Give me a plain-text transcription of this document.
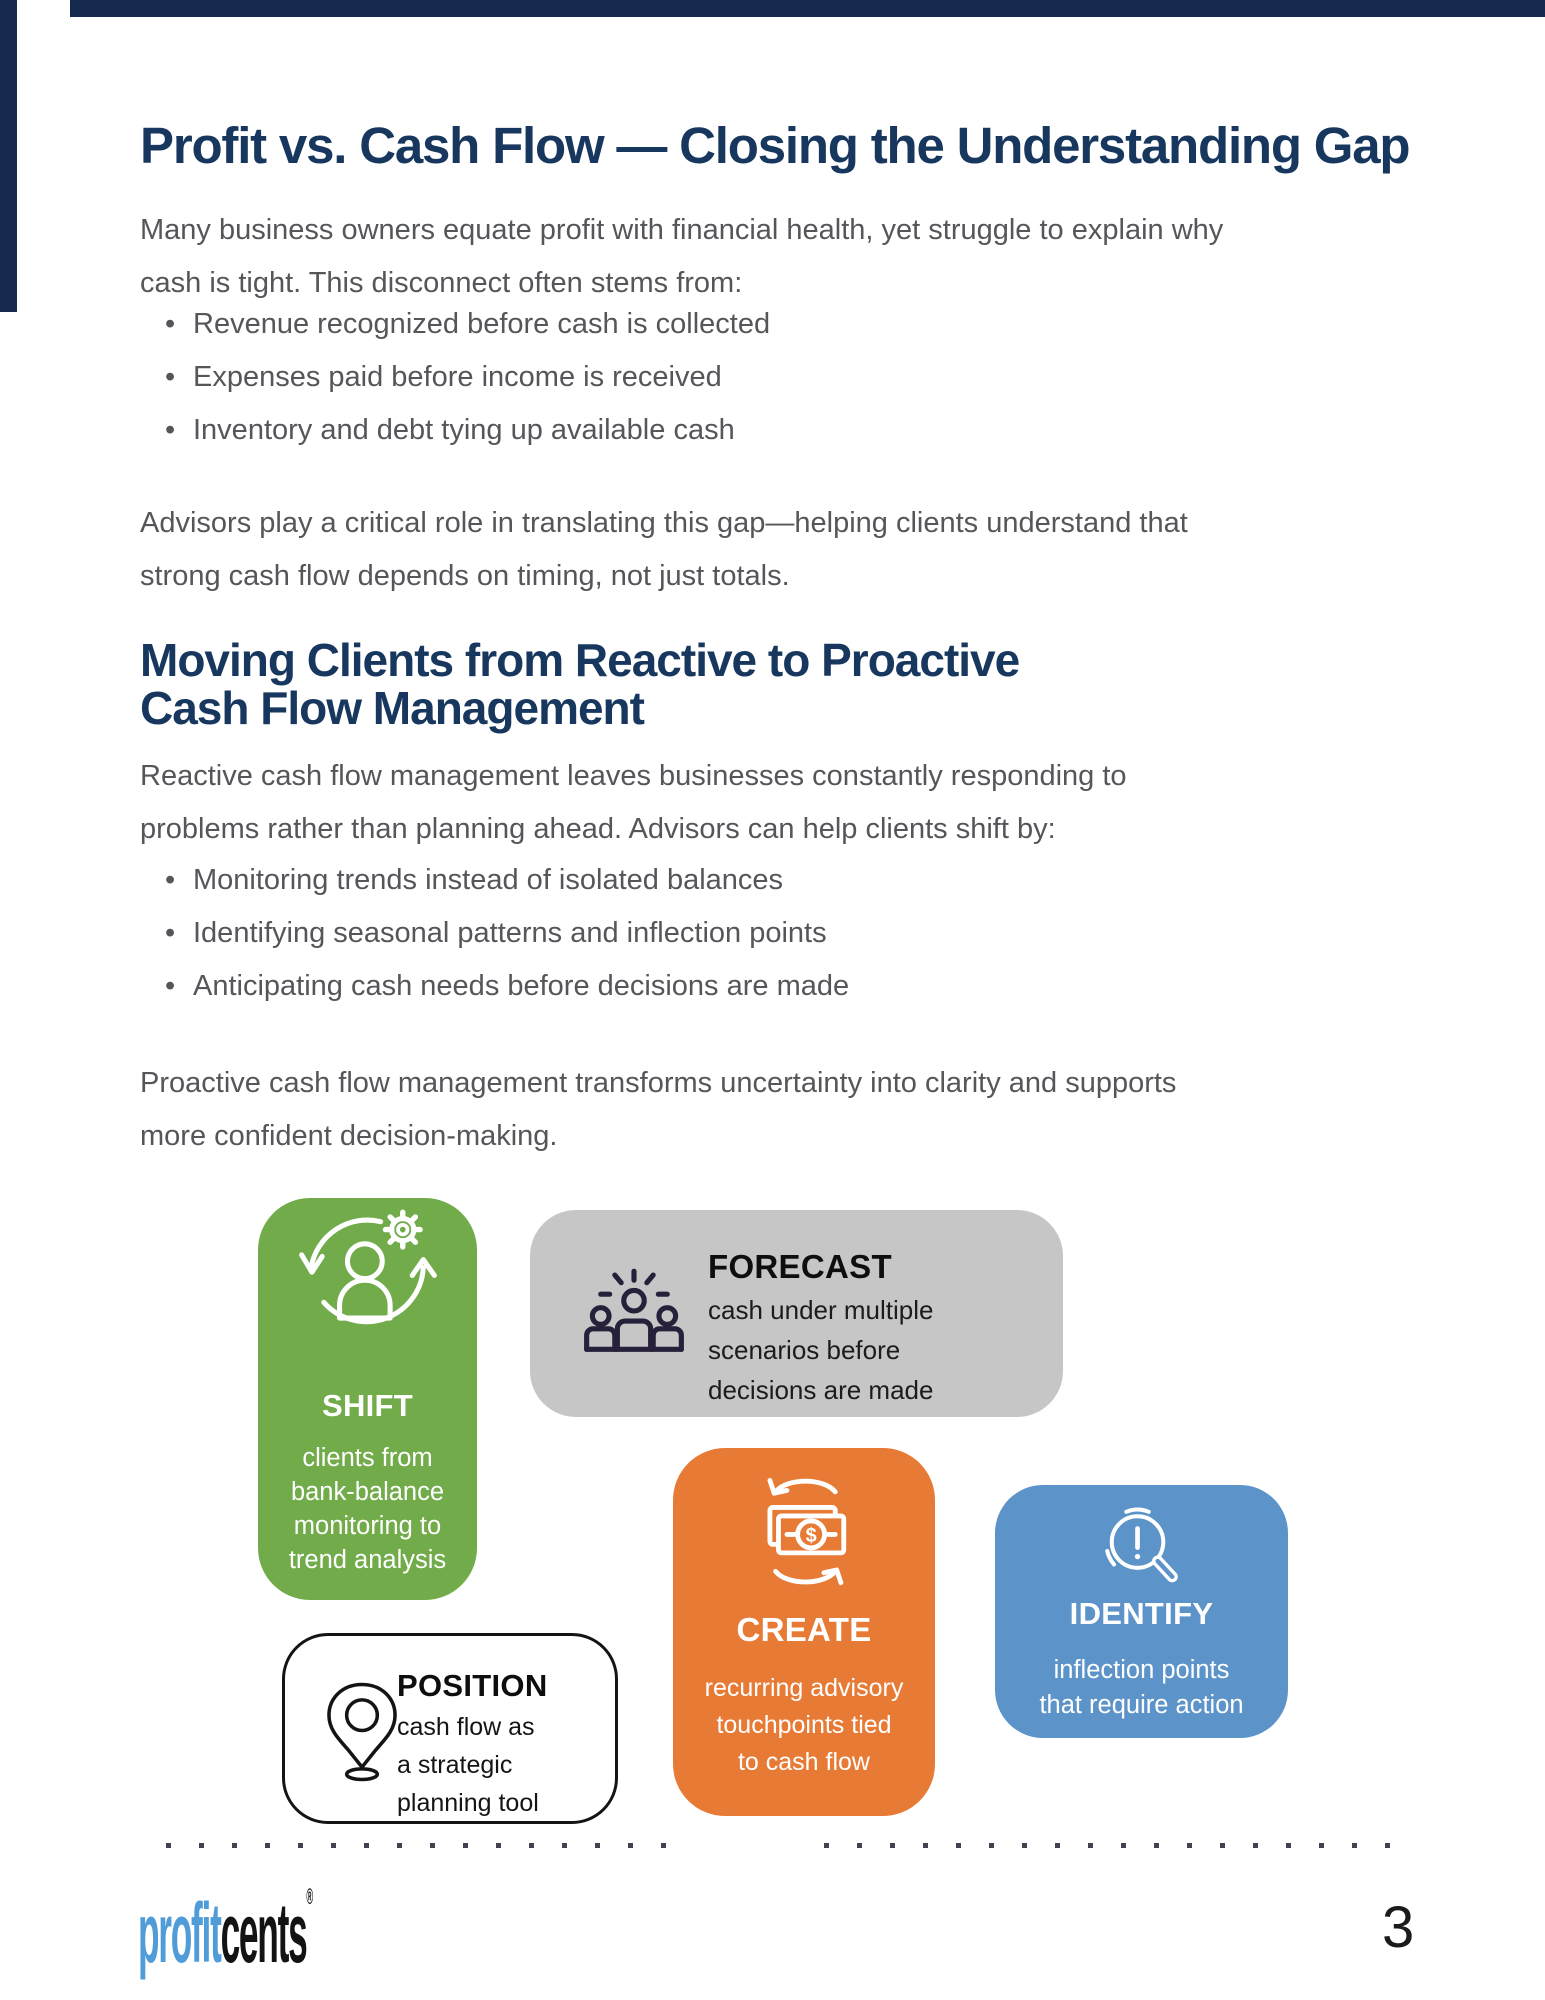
Profit vs. Cash Flow — Closing the Understanding Gap
Many business owners equate profit with financial health, yet struggle to explain why
cash is tight. This disconnect often stems from:
• Revenue recognized before cash is collected
• Expenses paid before income is received
• Inventory and debt tying up available cash
Advisors play a critical role in translating this gap—helping clients understand that
strong cash flow depends on timing, not just totals.
Moving Clients from Reactive to Proactive
Cash Flow Management
Reactive cash flow management leaves businesses constantly responding to
problems rather than planning ahead. Advisors can help clients shift by:
• Monitoring trends instead of isolated balances
• Identifying seasonal patterns and inflection points
• Anticipating cash needs before decisions are made
Proactive cash flow management transforms uncertainty into clarity and supports
more confident decision-making.
SHIFT
clients from
bank-balance
monitoring to
trend analysis
FORECAST
cash under multiple
scenarios before
decisions are made
$
CREATE
recurring advisory
touchpoints tied
to cash flow
IDENTIFY
inflection points
that require action
POSITION
cash flow as
a strategic
planning tool
profitcents®	3
